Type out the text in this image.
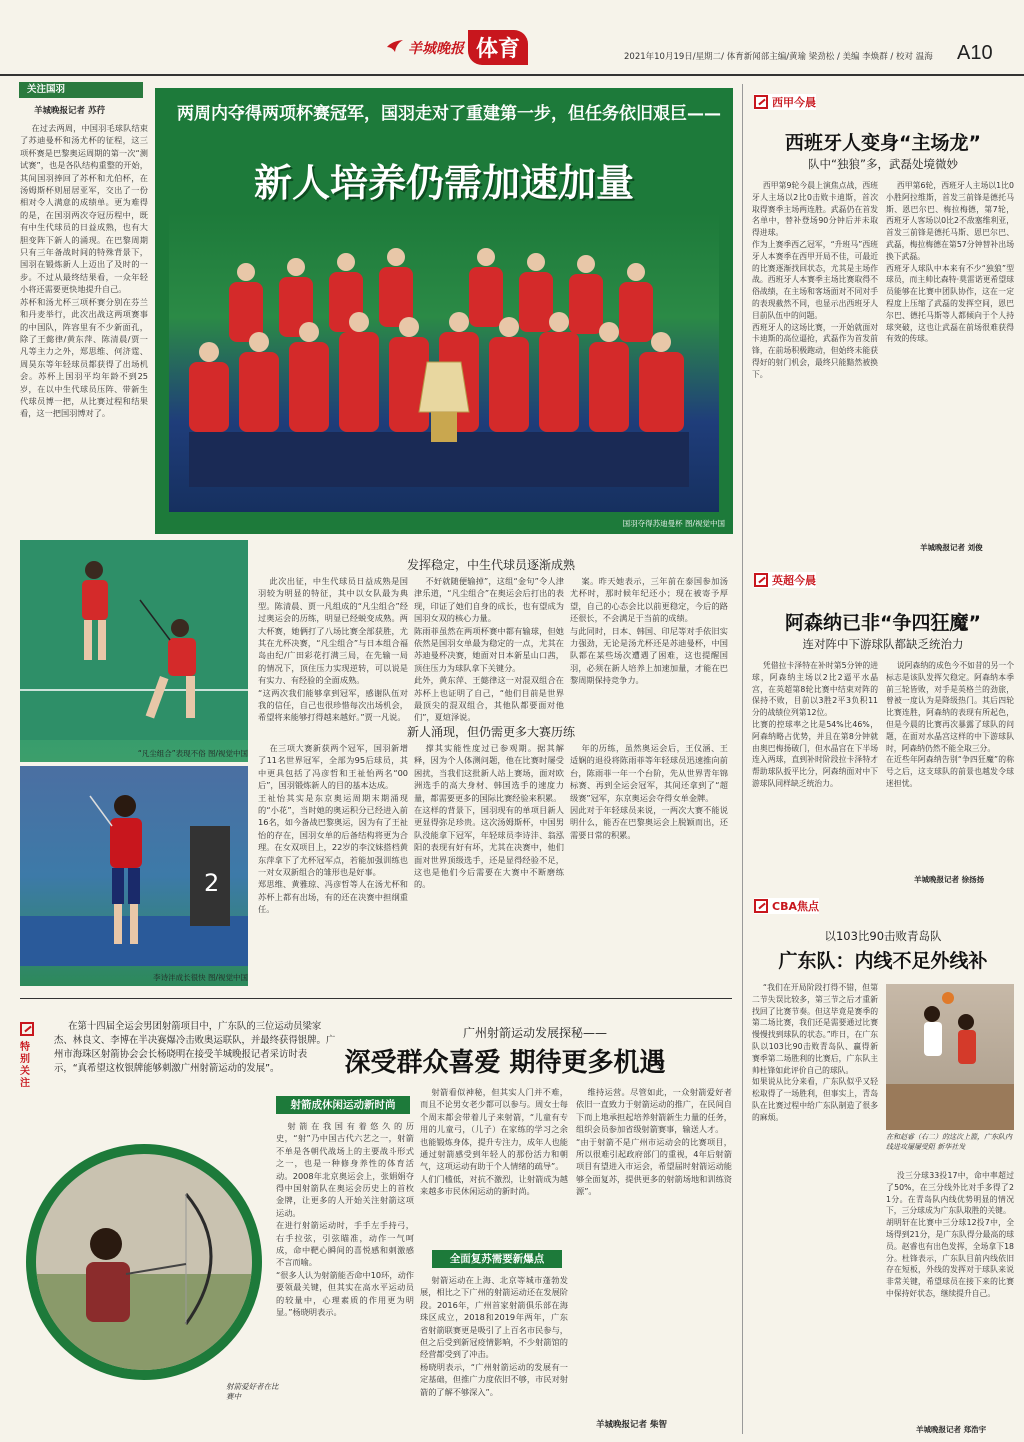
羊城晚报 体育	2021年10月19日/星期二/ 体育新闻部主编/黄瑜 梁劲松 / 美编 李焕群 / 校对 温海 A10
关注国羽
羊城晚报记者 苏荇
在过去两周，中国羽毛球队结束了苏迪曼杯和汤尤杯的征程，这三项杯赛是巴黎奥运周期的第一次“测试赛”，也是各队结构重整的开始，其间国羽捧回了苏杯和尤伯杯，在汤姆斯杯则屈居亚军，交出了一份相对令人满意的成绩单。更为难得的是，在国羽两次夺冠历程中，既有中生代球员的日益成熟，也有大胆变阵下新人的涌现。在巴黎周期只有三年备战时间的特殊背景下，国羽在锻炼新人上迈出了及时的一步。不过从最终结果看，一众年轻小将还需要更快地提升自己。
苏杯和汤尤杯三项杯赛分别在芬兰和丹麦举行，此次出战这两项赛事的中国队，阵容里有不少新面孔，除了王懿律/黄东萍、陈清晨/贾一凡等主力之外，郑思维、何济霆、周昊东等年轻球员都获得了出场机会。苏杯上国羽平均年龄不到25岁，在以中生代球员压阵、带新生代球员博一把，从比赛过程和结果看，这一把国羽博对了。
两周内夺得两项杯赛冠军，国羽走对了重建第一步，但任务依旧艰巨——
新人培养仍需加速加量
国羽夺得苏迪曼杯 图/视觉中国
“凡尘组合”表现不俗 图/视觉中国
2
李诗沣成长很快 图/视觉中国
发挥稳定，中生代球员逐渐成熟
此次出征，中生代球员日益成熟是国羽较为明显的特征，其中以女队最为典型。陈清晨、贾一凡组成的“凡尘组合”经过奥运会的历练，明显已经蜕变成熟。两大杯赛，她俩打了八场比赛全部获胜，尤其在尤杯决赛，“凡尘组合”与日本组合福岛由纪/广田彩花打满三局，在先输一局的情况下，顶住压力实现逆转，可以说是有实力、有经验的全面成熟。
“这两次我们能够拿到冠军，感谢队伍对我的信任，自己也很珍惜每次出场机会，希望将来能够打得越来越好。”贾一凡说。
不好就随便输掉”，这组“金句”令人津津乐道，“凡尘组合”在奥运会后打出的表现，印证了她们自身的成长，也有望成为国羽女双的核心力量。
陈雨菲虽然在两项杯赛中都有输球，但她依然是国羽女单最为稳定的一点，尤其在苏迪曼杯决赛，她面对日本新星山口茜，顶住压力为球队拿下关键分。
此外，黄东萍、王懿律这一对混双组合在苏杯上也证明了自己，“他们目前是世界最顶尖的混双组合，其他队都要面对他们”，夏煊泽说。
案。昨天她表示，三年前在泰国参加汤尤杯时，那时候年纪还小；现在被寄予厚望，自己的心态会比以前更稳定，今后的路还很长，不会满足于当前的成绩。
与此同时，日本、韩国、印尼等对手依旧实力强劲，无论是汤尤杯还是苏迪曼杯，中国队都在某些场次遭遇了困难，这也提醒国羽，必须在新人培养上加速加量，才能在巴黎周期保持竞争力。
新人涌现，但仍需更多大赛历练
在三项大赛新获两个冠军，国羽新增了11名世界冠军，全部为95后球员，其中更具包括了冯彦哲和王祉怡两名“00后”，国羽锻炼新人的目的基本达成。
王祉怡其实是东京奥运周期末期涌现的“小花”，当时她的奥运积分已经进入前16名，如今备战巴黎奥运，因为有了王祉怡的存在，国羽女单的后备结构将更为合理。在女双项目上，22岁的李汶妹搭档黄东萍拿下了尤杯冠军点，若能加强训练也一对女双新组合的雏形也是好事。
郑思维、黄雅琼、冯彦哲等人在汤尤杯和苏杯上都有出场，有的还在决赛中担纲重任。
撑其实能性度过已参观期。据其解释，因为个人体测问题，他在比赛时屡受困扰，当我们这批新人站上赛场，面对欧洲选手的高大身材、韩国选手的速度力量，都需要更多的国际比赛经验来积累。
在这样的背景下，国羽现有的单项目新人更显得弥足珍贵。这次汤姆斯杯，中国男队没能拿下冠军，年轻球员李诗沣、翁泓阳的表现有好有坏，尤其在决赛中，他们面对世界顶级选手，还是显得经验不足，这也是他们今后需要在大赛中不断磨练的。
年的历练，虽然奥运会后，王仪涵、王适娴的退役将陈雨菲等年轻球员迅速推向前台，陈雨菲一年一个台阶，先从世界青年锦标赛、再到全运会冠军，其间还拿到了“超级赛”冠军，东京奥运会夺得女单金牌。
因此对于年轻球员来说，一两次大赛不能说明什么，能否在巴黎奥运会上脱颖而出，还需要日常的积累。
特别关注
在第十四届全运会男团射箭项目中，广东队的三位运动员梁家杰、林良文、李博在半决赛爆冷击败奥运联队，并最终获得银牌。广州市海珠区射箭协会会长杨晓明在接受羊城晚报记者采访时表示，“真希望这枚银牌能够刺激广州射箭运动的发展”。
射箭爱好者在比赛中
广州射箭运动发展探秘——
深受群众喜爱 期待更多机遇
射箭成休闲运动新时尚
射箭在我国有着悠久的历史，“射”乃中国古代六艺之一，射箭不单是各朝代战场上的主要战斗形式之一，也是一种修身养性的体育活动。2008年北京奥运会上，张娟娟夺得中国射箭队在奥运会历史上的首枚金牌，让更多的人开始关注射箭这项运动。
在进行射箭运动时，手手左手持弓，右手拉弦，引弦瞄准，动作一气呵成，命中靶心瞬间的喜悦感和刺激感不言而喻。
“很多人认为射箭能否命中10环，动作要领最关键，但其实在高水平运动员的较量中，心理素质的作用更为明显。”杨晓明表示。
射箭看似神秘，但其实人门并不难，而且不论男女老少都可以参与。周女士每个周末都会带着儿子来射箭，“儿童有专用的儿童弓，（儿子）在家练的学习之余也能锻炼身体，提升专注力，成年人也能通过射箭感受到年轻人的那份活力和朝气，这项运动有助于个人情绪的疏导”。
人们门槛低，对抗不激烈，让射箭成为越来越多市民休闲运动的新时尚。
全面复苏需要新爆点
射箭运动在上海、北京等城市蓬勃发展，相比之下广州的射箭运动还在发展阶段。2016年，广州首家射箭俱乐部在海珠区成立，2018和2019年两年，广东省射箭联赛更是吸引了上百名市民参与，但之后受到新冠疫情影响，不少射箭馆的经营都受到了冲击。
杨晓明表示，“广州射箭运动的发展有一定基础，但推广力度依旧不够，市民对射箭的了解不够深入”。
维持运营。尽管如此，一众射箭爱好者依旧一直致力于射箭运动的推广，在民间自下而上地承担起培养射箭新生力量的任务，组织会员参加省级射箭赛事，输送人才。
“由于射箭不是广州市运动会的比赛项目，所以很难引起政府部门的重视，4年后射箭项目有望进入市运会，希望届时射箭运动能够全面复苏，提供更多的射箭场地和训练资源”。
羊城晚报记者 柴智
西甲今晨
西班牙人变身“主场龙”
队中“独狼”多，武磊处境微妙
西甲第9轮今晨上演焦点战，西班牙人主场以2比0击败卡迪斯，首次取得赛季主场两连胜。武磊仍在首发名单中，替补登场90分钟后并未取得进球。
作为上赛季西乙冠军，“升班马”西班牙人本赛季在西甲开局不佳，可最近的比赛逐渐找回状态，尤其是主场作战。西班牙人本赛季主场比赛取得不俗战绩，在主场和客场面对不同对手的表现截然不同，也显示出西班牙人目前队伍中的问题。
西班牙人的这场比赛，一开始就面对卡迪斯的高位逼抢，武磊作为首发前锋，在前场积极跑动，但始终未能获得好的射门机会，最终只能黯然被换下。
西甲第6轮，西班牙人主场以1比0小胜阿拉维斯，首发三前锋是德托马斯、恩巴尔巴、梅拉梅德，第7轮，西班牙人客场以0比2不敌塞维利亚，首发三前锋是德托马斯、恩巴尔巴、武磊，梅拉梅德在第57分钟替补出场换下武磊。
西班牙人球队中本来有不少“独狼”型球员，而主帅比森特·莫雷诺更希望球员能够在比赛中团队协作，这在一定程度上压缩了武磊的发挥空间，恩巴尔巴、德托马斯等人都倾向于个人持球突破，这也让武磊在前场很难获得有效的传球。
羊城晚报记者 刘俊
英超今晨
阿森纳已非“争四狂魔”
连对阵中下游球队都缺乏统治力
凭借拉卡泽特在补时第5分钟的进球，阿森纳主场以2比2逼平水晶宫，在英超第8轮比赛中结束对阵的保持不败，目前以3胜2平3负积11分的战绩位列第12位。
比赛的控球率之比是54%比46%，阿森纳略占优势，并且在第8分钟就由奥巴梅扬破门，但水晶宫在下半场连入两球，直到补时阶段拉卡泽特才帮助球队扳平比分，阿森纳面对中下游球队同样缺乏统治力。
说阿森纳的成色今不如昔的另一个标志是该队发挥欠稳定。阿森纳本季前三轮皆败，对手是英格兰的劲旅，曾被一度认为是降级热门。其后四轮比赛连胜，阿森纳的表现有所起色，但是今晨的比赛再次暴露了球队的问题，在面对水晶宫这样的中下游球队时，阿森纳仍然不能全取三分。
在近些年阿森纳告别“争四狂魔”的称号之后，这支球队的前景也越发令球迷担忧。
羊城晚报记者 徐扬扬
CBA焦点
以103比90击败青岛队
广东队：内线不足外线补
“我们在开局阶段打得不错，但第二节失误比较多，第三节之后才重新找回了比赛节奏。但这毕竟是赛季的第二场比赛，我们还是需要通过比赛慢慢找到球队的状态。”昨日，在广东队以103比90击败青岛队、赢得新赛季第二场胜利的比赛后，广东队主帅杜锋如此评价自己的球队。
如果说从比分来看，广东队似乎又轻松取得了一场胜利，但事实上，青岛队在比赛过程中给广东队制造了很多的麻烦。
在和赵睿（右二）的这次上篮，广东队内线进攻屡屡受阻 新华社发
没三分球33投17中，命中率超过了50%，在三分线外比对手多得了21分。在青岛队内线优势明显的情况下，三分球成为广东队取胜的关键。
胡明轩在比赛中三分球12投7中，全场得到21分，是广东队得分最高的球员。赵睿也有出色发挥，全场拿下18分。杜锋表示，广东队目前内线依旧存在短板，外线的发挥对于球队来说非常关键，希望球员在接下来的比赛中保持好状态，继续提升自己。
羊城晚报记者 郑浩宇
